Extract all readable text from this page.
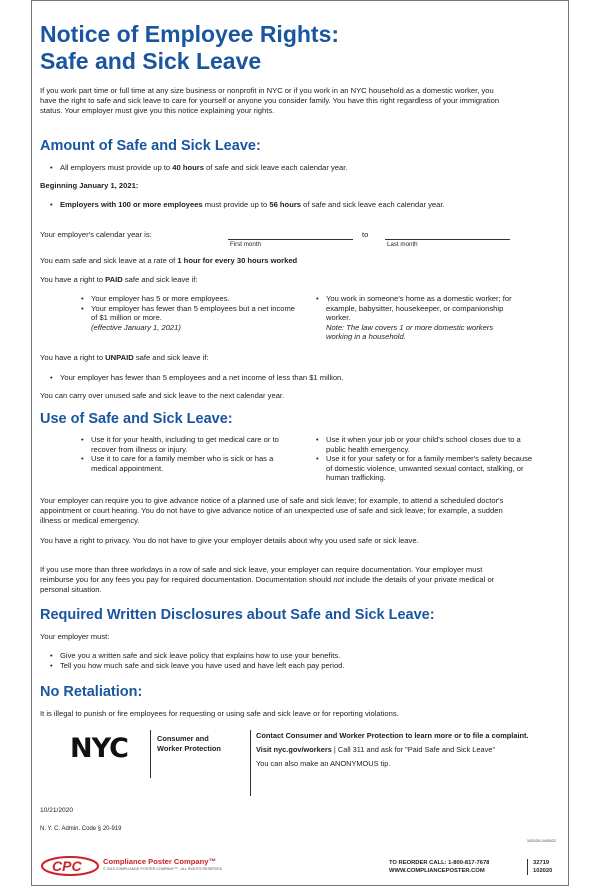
Notice of Employee Rights:
Safe and Sick Leave

If you work part time or full time at any size business or nonprofit in NYC or if you work in an NYC household as a domestic worker, you have the right to safe and sick leave to care for yourself or anyone you consider family. You have this right regardless of your immigration status. Your employer must give you this notice explaining your rights.

Amount of Safe and Sick Leave:
• All employers must provide up to 40 hours of safe and sick leave each calendar year.

Beginning January 1, 2021:

• Employers with 100 or more employees must provide up to 56 hours of safe and sick leave each calendar year.

Your employer's calendar year is:	to
First month	Last month

You earn safe and sick leave at a rate of 1 hour for every 30 hours worked

You have a right to PAID safe and sick leave if:

• Your employer has 5 or more employees.
• Your employer has fewer than 5 employees but a net income of $1 million or more.
(effective January 1, 2021)
• You work in someone's home as a domestic worker; for example, babysitter, housekeeper, or companionship worker.
Note: The law covers 1 or more domestic workers working in a household.

You have a right to UNPAID safe and sick leave if:

• Your employer has fewer than 5 employees and a net income of less than $1 million.

You can carry over unused safe and sick leave to the next calendar year.

Use of Safe and Sick Leave:
• Use it for your health, including to get medical care or to recover from illness or injury.
• Use it to care for a family member who is sick or has a medical appointment.
• Use it when your job or your child's school closes due to a public health emergency.
• Use it for your safety or for a family member's safety because of domestic violence, unwanted sexual contact, stalking, or human trafficking.

Your employer can require you to give advance notice of a planned use of safe and sick leave; for example, to attend a scheduled doctor's appointment or court hearing. You do not have to give advance notice of an unexpected use of safe and sick leave; for example, a sudden illness or medical emergency.

You have a right to privacy. You do not have to give your employer details about why you used safe or sick leave.

If you use more than three workdays in a row of safe and sick leave, your employer can require documentation. Your employer must reimburse you for any fees you pay for required documentation. Documentation should not include the details of your private medical or personal situation.

Required Written Disclosures about Safe and Sick Leave:

Your employer must:

• Give you a written safe and sick leave policy that explains how to use your benefits.
• Tell you how much safe and sick leave you have used and have left each pay period.
No Retaliation:

It is illegal to punish or fire employees for requesting or using safe and sick leave or for reporting violations.

NYC	Consumer and
Worker Protection
Contact Consumer and Worker Protection to learn more or to file a complaint.
Visit nyc.gov/workers | Call 311 and ask for "Paid Safe and Sick Leave"
You can also make an ANONYMOUS tip.

10/21/2020

N. Y. C. Admin. Code § 20-919

102020-04/0522
CPC	Compliance Poster Company™
© 2019 COMPLIANCE POSTER COMPANY™ - ALL RIGHTS RESERVED
TO REORDER CALL: 1-800-817-7678
WWW.COMPLIANCEPOSTER.COM
32719
102020
